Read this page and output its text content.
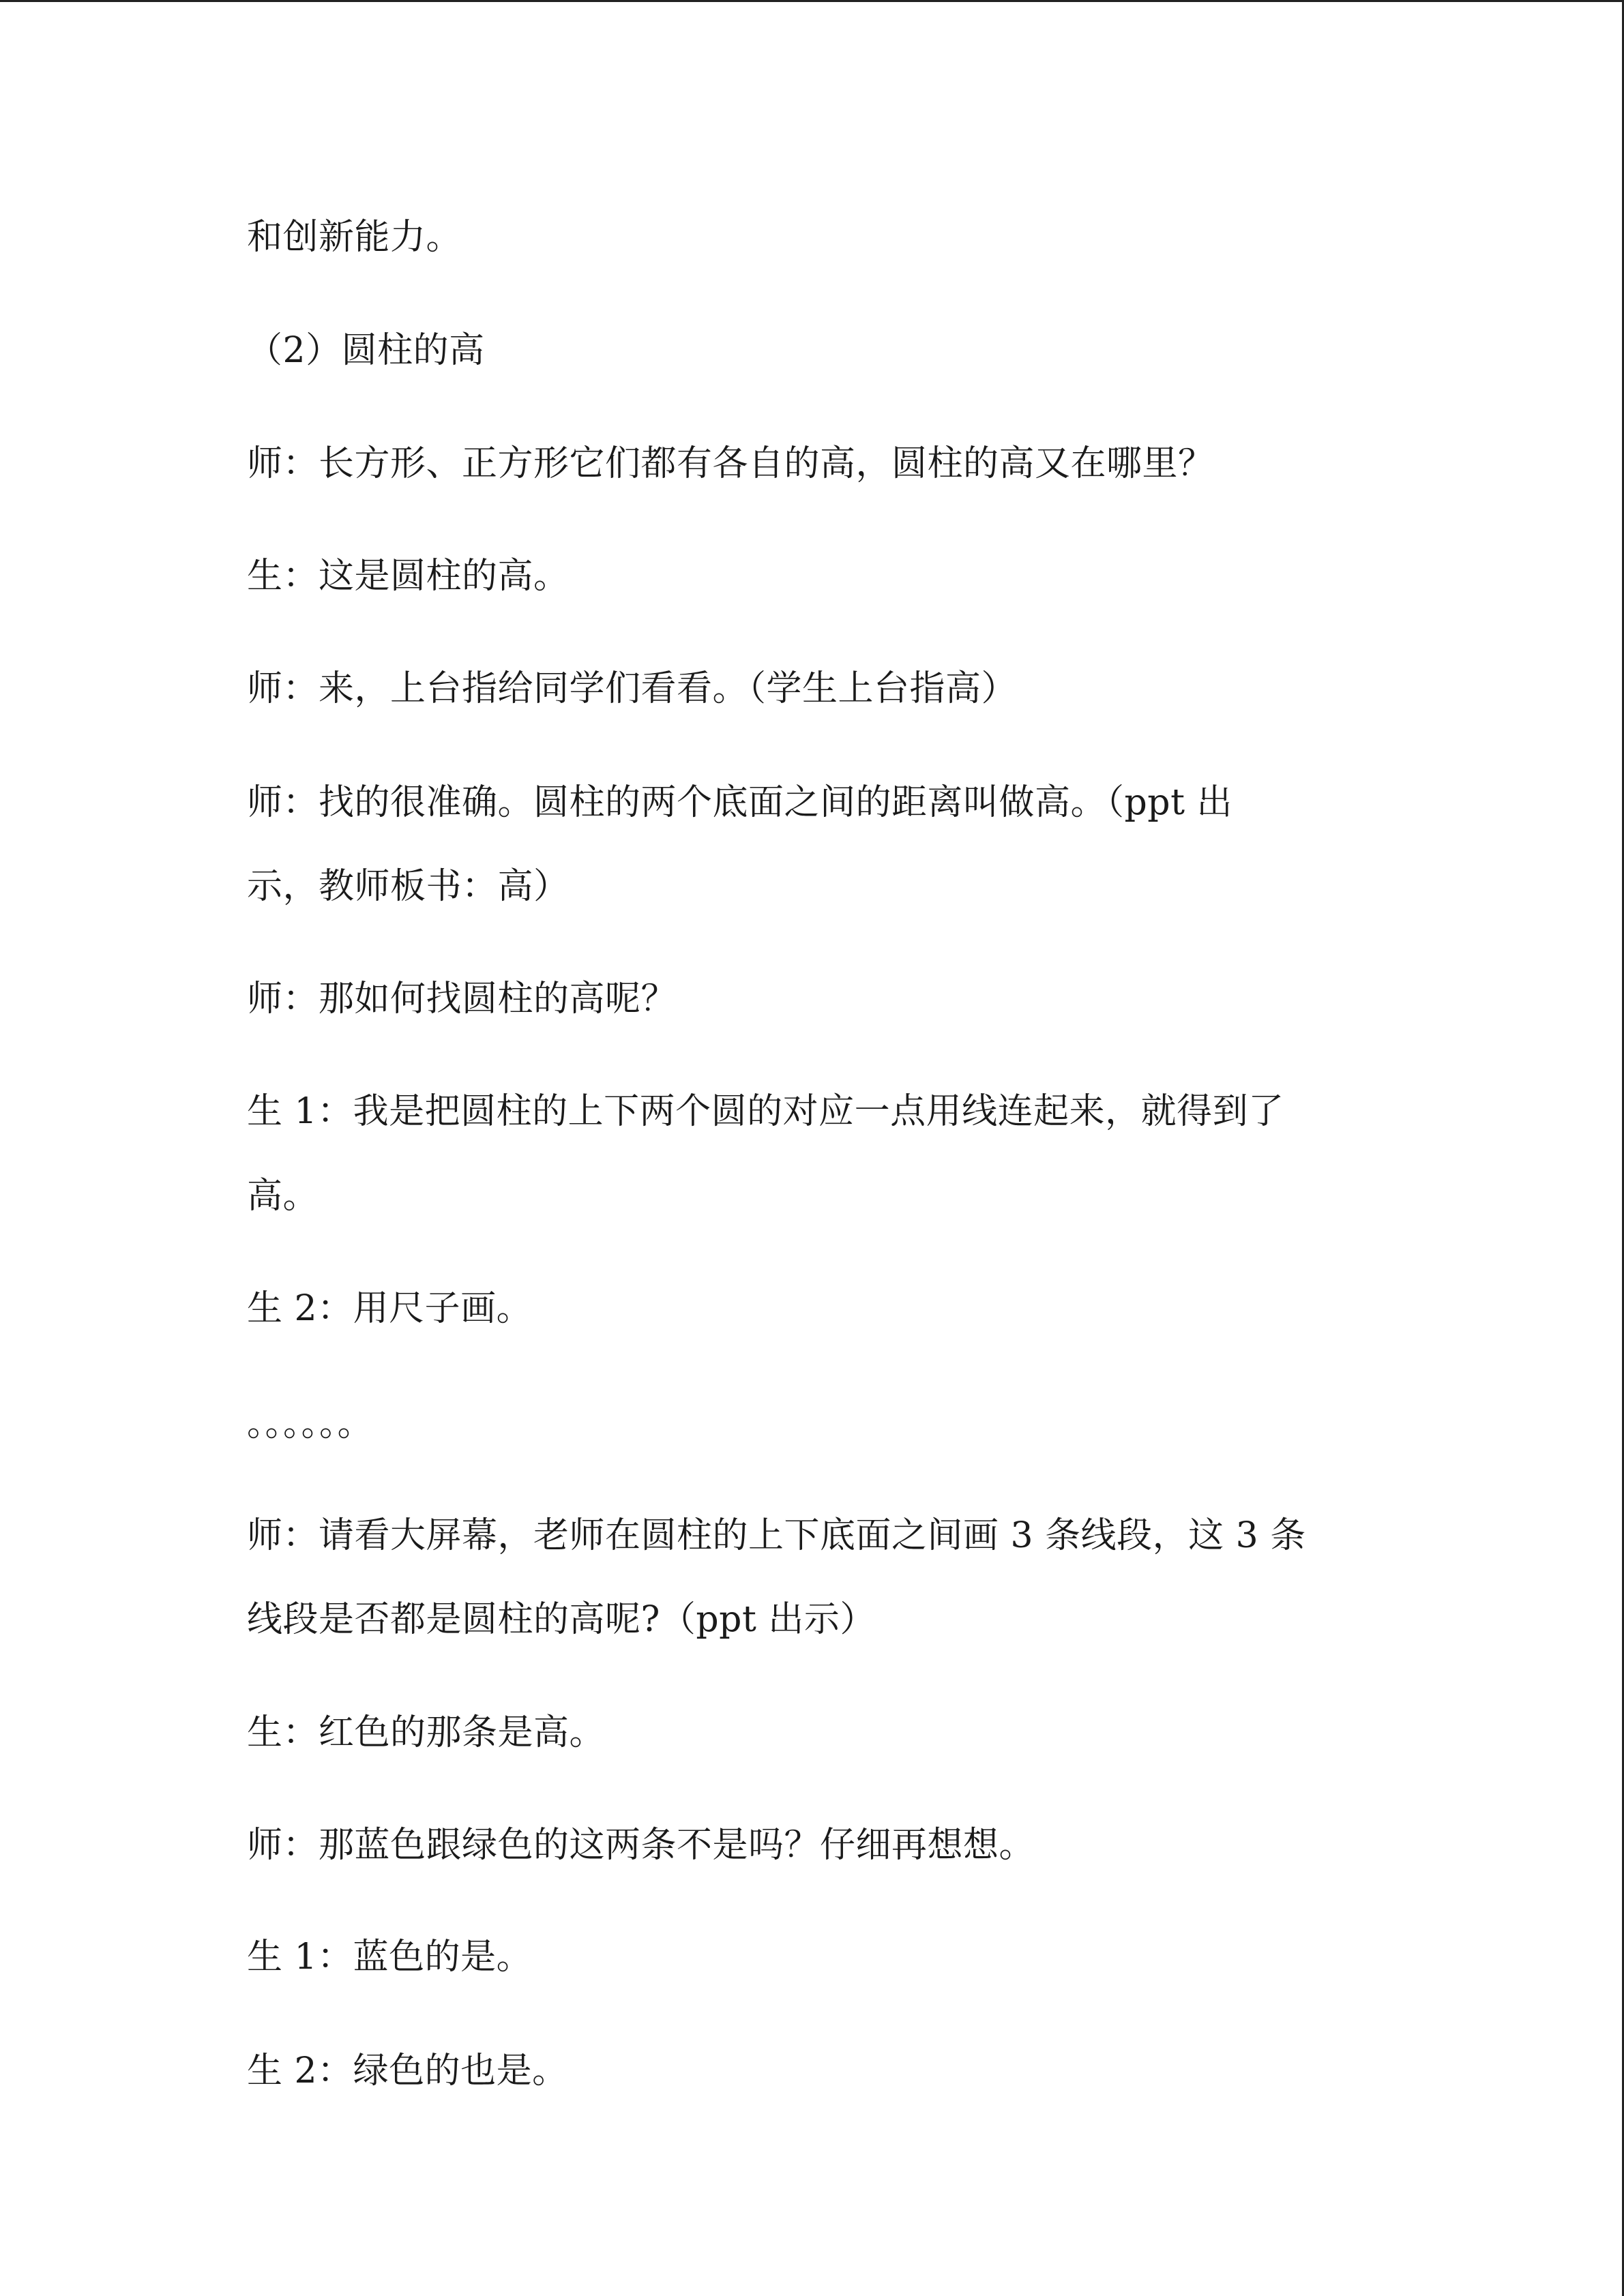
和创新能力。
（2）圆柱的高
师：长方形、正方形它们都有各自的高，圆柱的高又在哪里？
生：这是圆柱的高。
师：来，上台指给同学们看看。（学生上台指高）
师：找的很准确。圆柱的两个底面之间的距离叫做高。（ppt 出
示，教师板书：高）
师：那如何找圆柱的高呢？
生 1：我是把圆柱的上下两个圆的对应一点用线连起来，就得到了
高。
生 2：用尺子画。
。。。。。。
师：请看大屏幕，老师在圆柱的上下底面之间画 3 条线段，这 3 条
线段是否都是圆柱的高呢?（ppt 出示）
生：红色的那条是高。
师：那蓝色跟绿色的这两条不是吗？仔细再想想。
生 1：蓝色的是。
生 2：绿色的也是。
